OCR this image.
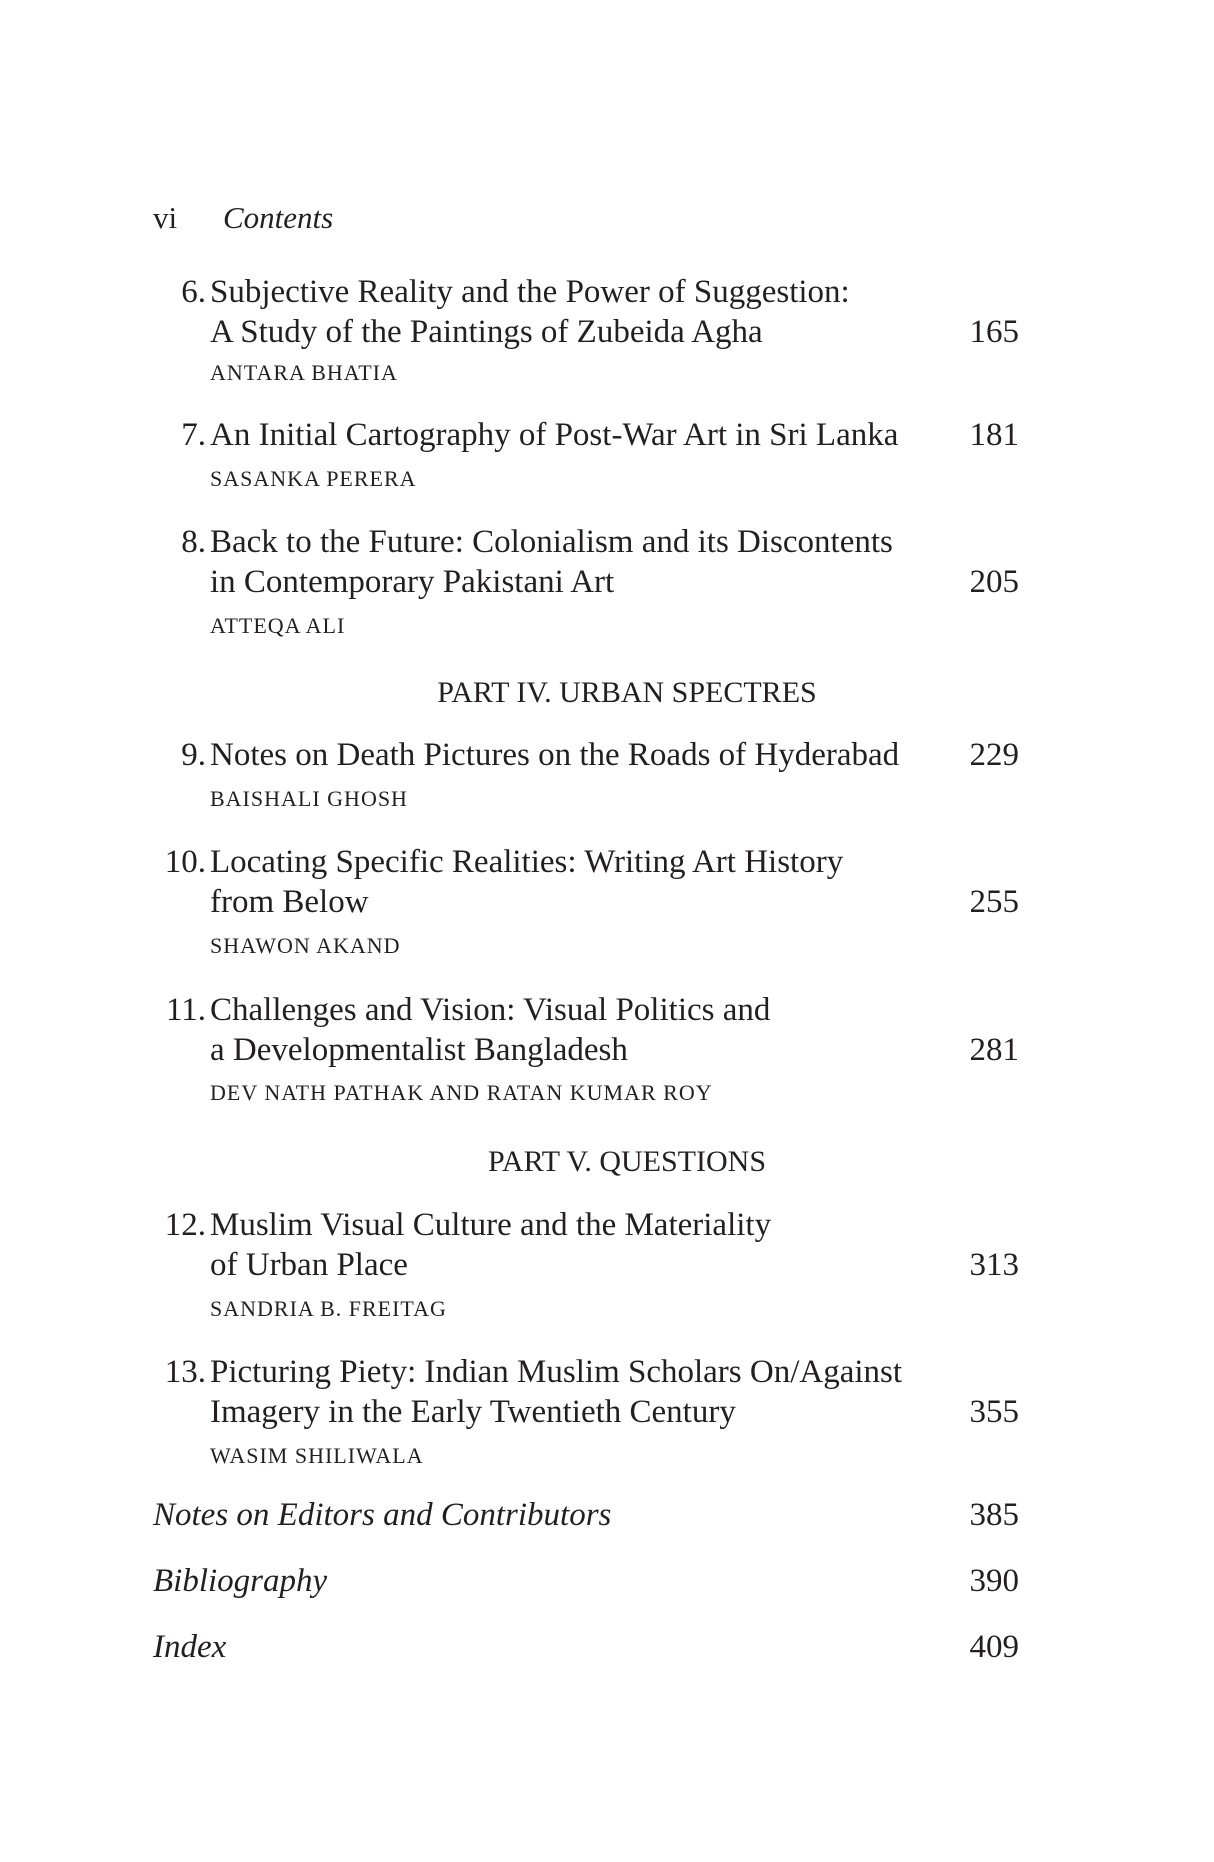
vi Contents
6. Subjective Reality and the Power of Suggestion:
A Study of the Paintings of Zubeida Agha	165
ANTARA BHATIA
7. An Initial Cartography of Post-War Art in Sri Lanka 181
SASANKA PERERA
8. Back to the Future: Colonialism and its Discontents
in Contemporary Pakistani Art	205
ATTEQA ALI
PART IV. URBAN SPECTRES
9. Notes on Death Pictures on the Roads of Hyderabad 229
BAISHALI GHOSH
10. Locating Specific Realities: Writing Art History
from Below	255
SHAWON AKAND
11. Challenges and Vision: Visual Politics and
a Developmentalist Bangladesh	281
DEV NATH PATHAK AND RATAN KUMAR ROY
PART V. QUESTIONS
12. Muslim Visual Culture and the Materiality
of Urban Place	313
SANDRIA B. FREITAG
13. Picturing Piety: Indian Muslim Scholars On/Against
Imagery in the Early Twentieth Century	355
WASIM SHILIWALA
Notes on Editors and Contributors	385
Bibliography	390
Index	409
